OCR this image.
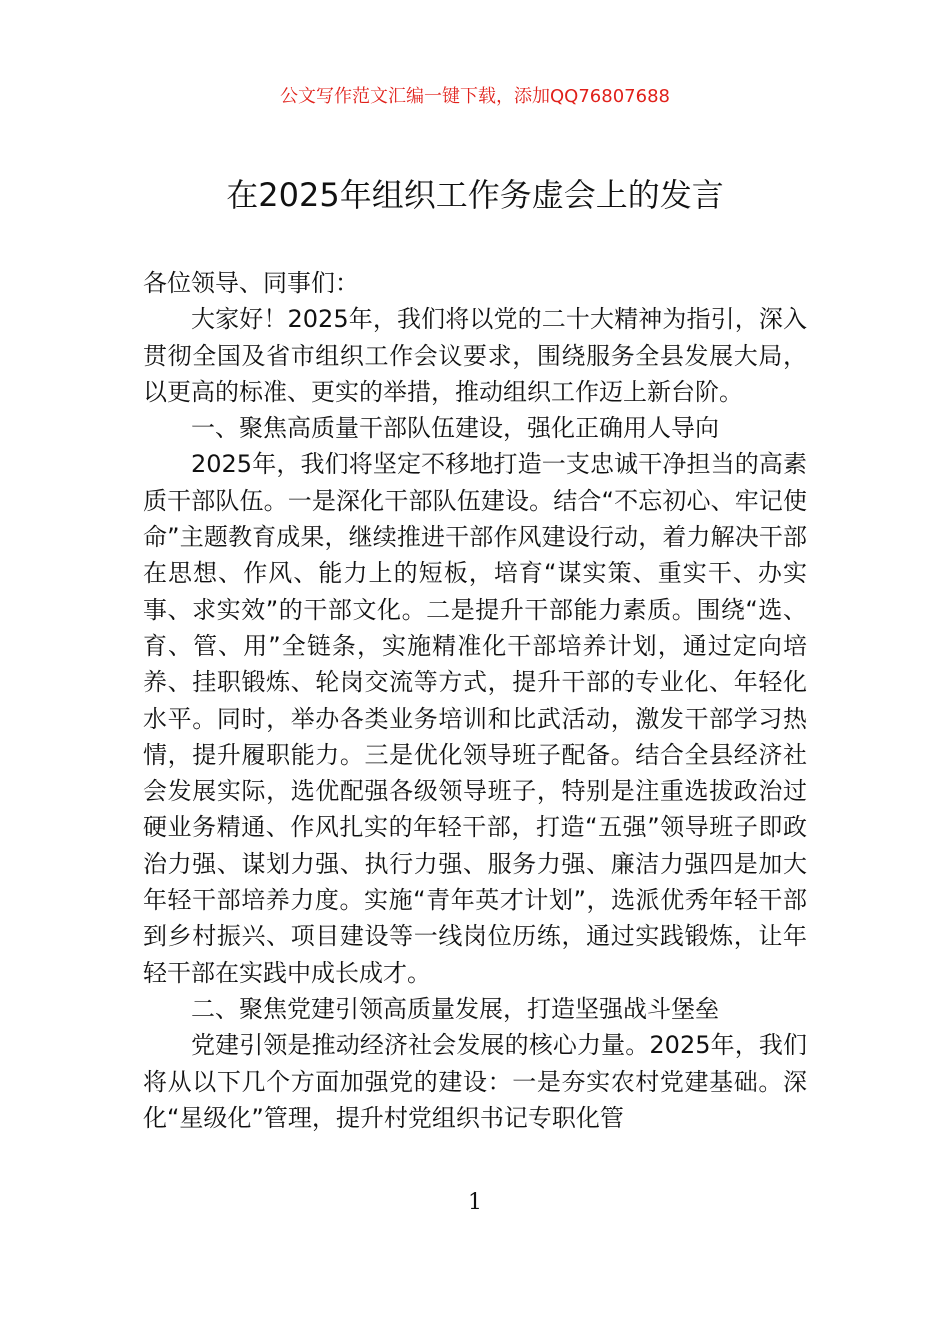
公文写作范文汇编一键下载，添加QQ76807688
在2025年组织工作务虚会上的发言

各位领导、同事们：

大家好！2025年，我们将以党的二十大精神为指引，深入贯彻全国及省市组织工作会议要求，围绕服务全县发展大局，以更高的标准、更实的举措，推动组织工作迈上新台阶。

一、聚焦高质量干部队伍建设，强化正确用人导向

2025年，我们将坚定不移地打造一支忠诚干净担当的高素质干部队伍。一是深化干部队伍建设。结合“不忘初心、牢记使命”主题教育成果，继续推进干部作风建设行动，着力解决干部在思想、作风、能力上的短板，培育“谋实策、重实干、办实事、求实效”的干部文化。二是提升干部能力素质。围绕“选、育、管、用”全链条，实施精准化干部培养计划，通过定向培养、挂职锻炼、轮岗交流等方式，提升干部的专业化、年轻化水平。同时，举办各类业务培训和比武活动，激发干部学习热情，提升履职能力。三是优化领导班子配备。结合全县经济社会发展实际，选优配强各级领导班子，特别是注重选拔政治过硬业务精通、作风扎实的年轻干部，打造“五强”领导班子即政治力强、谋划力强、执行力强、服务力强、廉洁力强四是加大年轻干部培养力度。实施“青年英才计划”，选派优秀年轻干部到乡村振兴、项目建设等一线岗位历练，通过实践锻炼，让年轻干部在实践中成长成才。

二、聚焦党建引领高质量发展，打造坚强战斗堡垒

党建引领是推动经济社会发展的核心力量。2025年，我们将从以下几个方面加强党的建设：一是夯实农村党建基础。深化“星级化”管理，提升村党组织书记专职化管

1
